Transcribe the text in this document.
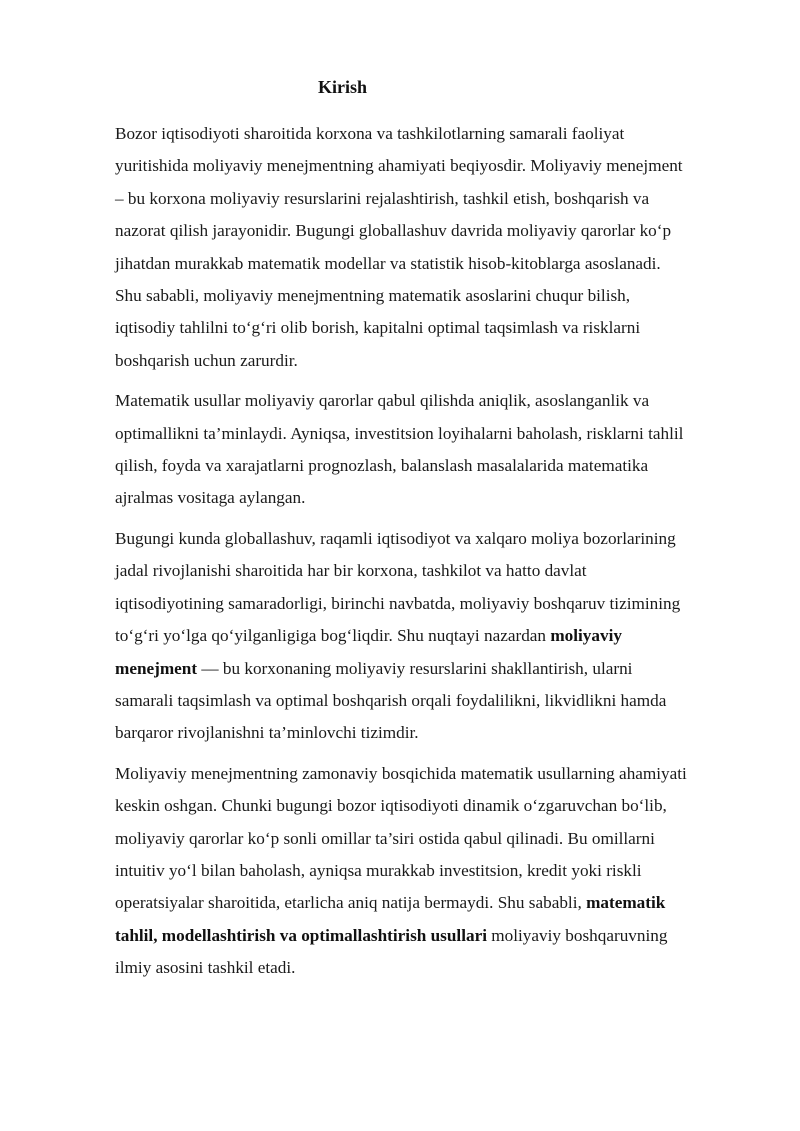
Kirish

Bozor iqtisodiyoti sharoitida korxona va tashkilotlarning samarali faoliyat
yuritishida moliyaviy menejmentning ahamiyati beqiyosdir. Moliyaviy menejment
– bu korxona moliyaviy resurslarini rejalashtirish, tashkil etish, boshqarish va
nazorat qilish jarayonidir. Bugungi globallashuv davrida moliyaviy qarorlar ko‘p
jihatdan murakkab matematik modellar va statistik hisob-kitoblarga asoslanadi.
Shu sababli, moliyaviy menejmentning matematik asoslarini chuqur bilish,
iqtisodiy tahlilni to‘g‘ri olib borish, kapitalni optimal taqsimlash va risklarni
boshqarish uchun zarurdir.

Matematik usullar moliyaviy qarorlar qabul qilishda aniqlik, asoslanganlik va
optimallikni ta’minlaydi. Ayniqsa, investitsion loyihalarni baholash, risklarni tahlil
qilish, foyda va xarajatlarni prognozlash, balanslash masalalarida matematika
ajralmas vositaga aylangan.

Bugungi kunda globallashuv, raqamli iqtisodiyot va xalqaro moliya bozorlarining
jadal rivojlanishi sharoitida har bir korxona, tashkilot va hatto davlat
iqtisodiyotining samaradorligi, birinchi navbatda, moliyaviy boshqaruv tizimining
to‘g‘ri yo‘lga qo‘yilganligiga bog‘liqdir. Shu nuqtayi nazardan moliyaviy
menejment — bu korxonaning moliyaviy resurslarini shakllantirish, ularni
samarali taqsimlash va optimal boshqarish orqali foydalilikni, likvidlikni hamda
barqaror rivojlanishni ta’minlovchi tizimdir.

Moliyaviy menejmentning zamonaviy bosqichida matematik usullarning ahamiyati
keskin oshgan. Chunki bugungi bozor iqtisodiyoti dinamik o‘zgaruvchan bo‘lib,
moliyaviy qarorlar ko‘p sonli omillar ta’siri ostida qabul qilinadi. Bu omillarni
intuitiv yo‘l bilan baholash, ayniqsa murakkab investitsion, kredit yoki riskli
operatsiyalar sharoitida, etarlicha aniq natija bermaydi. Shu sababli, matematik
tahlil, modellashtirish va optimallashtirish usullari moliyaviy boshqaruvning
ilmiy asosini tashkil etadi.
